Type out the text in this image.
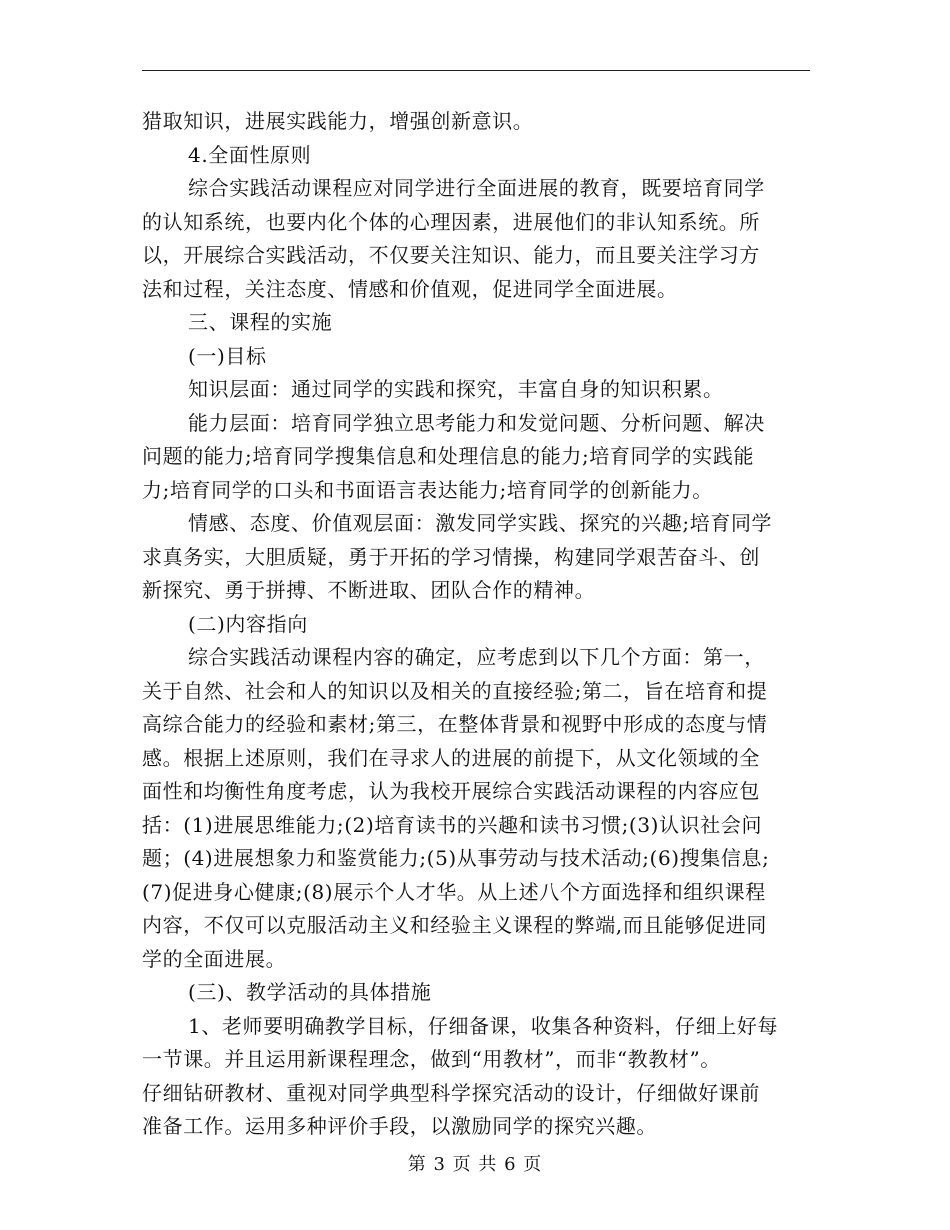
猎取知识，进展实践能力，增强创新意识。
4.全面性原则
综合实践活动课程应对同学进行全面进展的教育，既要培育同学
的认知系统，也要内化个体的心理因素，进展他们的非认知系统。所
以，开展综合实践活动，不仅要关注知识、能力，而且要关注学习方
法和过程，关注态度、情感和价值观，促进同学全面进展。
三、课程的实施
(一)目标
知识层面：通过同学的实践和探究，丰富自身的知识积累。
能力层面：培育同学独立思考能力和发觉问题、分析问题、解决
问题的能力;培育同学搜集信息和处理信息的能力;培育同学的实践能
力;培育同学的口头和书面语言表达能力;培育同学的创新能力。
情感、态度、价值观层面：激发同学实践、探究的兴趣;培育同学
求真务实，大胆质疑，勇于开拓的学习情操，构建同学艰苦奋斗、创
新探究、勇于拼搏、不断进取、团队合作的精神。
(二)内容指向
综合实践活动课程内容的确定，应考虑到以下几个方面：第一，
关于自然、社会和人的知识以及相关的直接经验;第二，旨在培育和提
高综合能力的经验和素材;第三，在整体背景和视野中形成的态度与情
感。根据上述原则，我们在寻求人的进展的前提下，从文化领域的全
面性和均衡性角度考虑，认为我校开展综合实践活动课程的内容应包
括：(1)进展思维能力;(2)培育读书的兴趣和读书习惯;(3)认识社会问
题；(4)进展想象力和鉴赏能力;(5)从事劳动与技术活动;(6)搜集信息;
(7)促进身心健康;(8)展示个人才华。从上述八个方面选择和组织课程
内容，不仅可以克服活动主义和经验主义课程的弊端,而且能够促进同
学的全面进展。
(三)、教学活动的具体措施
1、老师要明确教学目标，仔细备课，收集各种资料，仔细上好每
一节课。并且运用新课程理念，做到“用教材”，而非“教教材”。
仔细钻研教材、重视对同学典型科学探究活动的设计，仔细做好课前
准备工作。运用多种评价手段，以激励同学的探究兴趣。
第 3 页 共 6 页
